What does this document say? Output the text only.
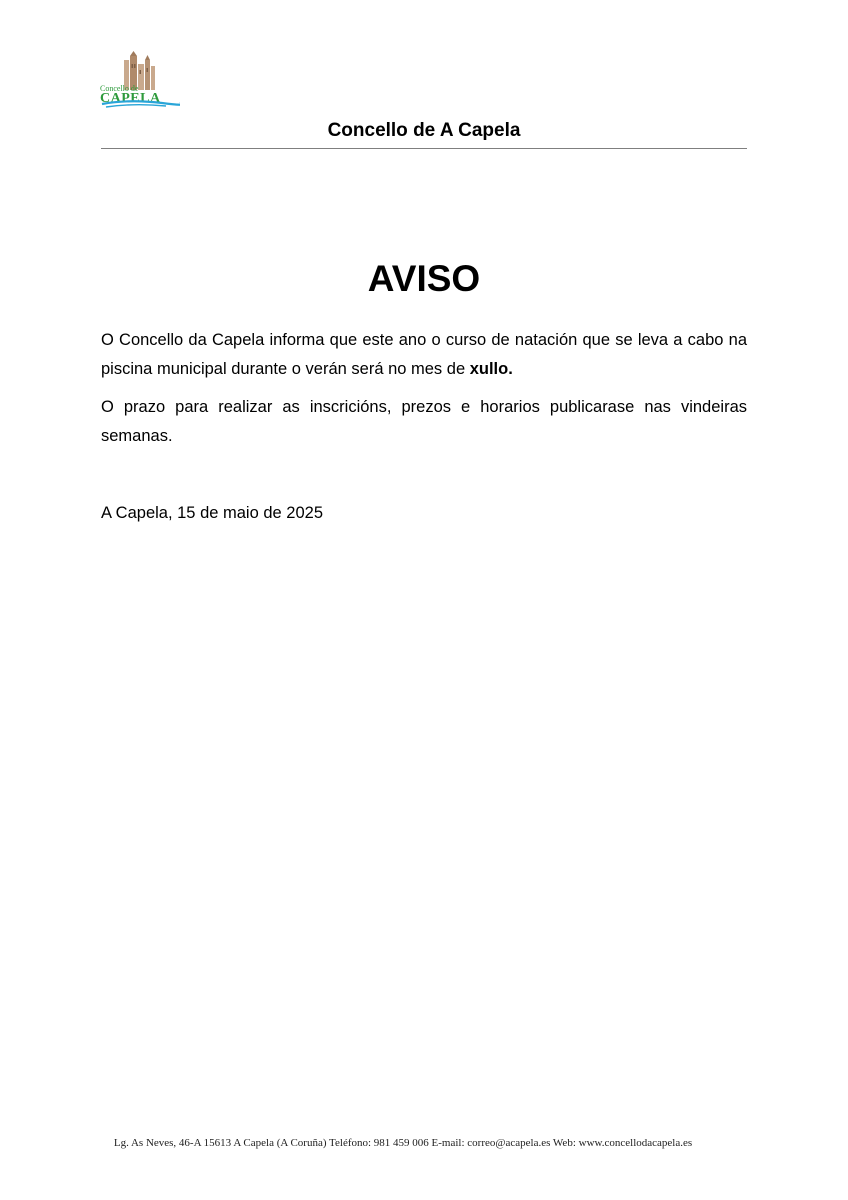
Concello de
CAPELA
Concello de A Capela
AVISO

O Concello da Capela informa que este ano o curso de natación que se leva a cabo na piscina municipal durante o verán será no mes de xullo.

O prazo para realizar as inscricións, prezos e horarios publicarase nas vindeiras semanas.

A Capela, 15 de maio de 2025
Lg. As Neves, 46-A 15613 A Capela (A Coruña) Teléfono: 981 459 006 E-mail: correo@acapela.es Web: www.concellodacapela.es
